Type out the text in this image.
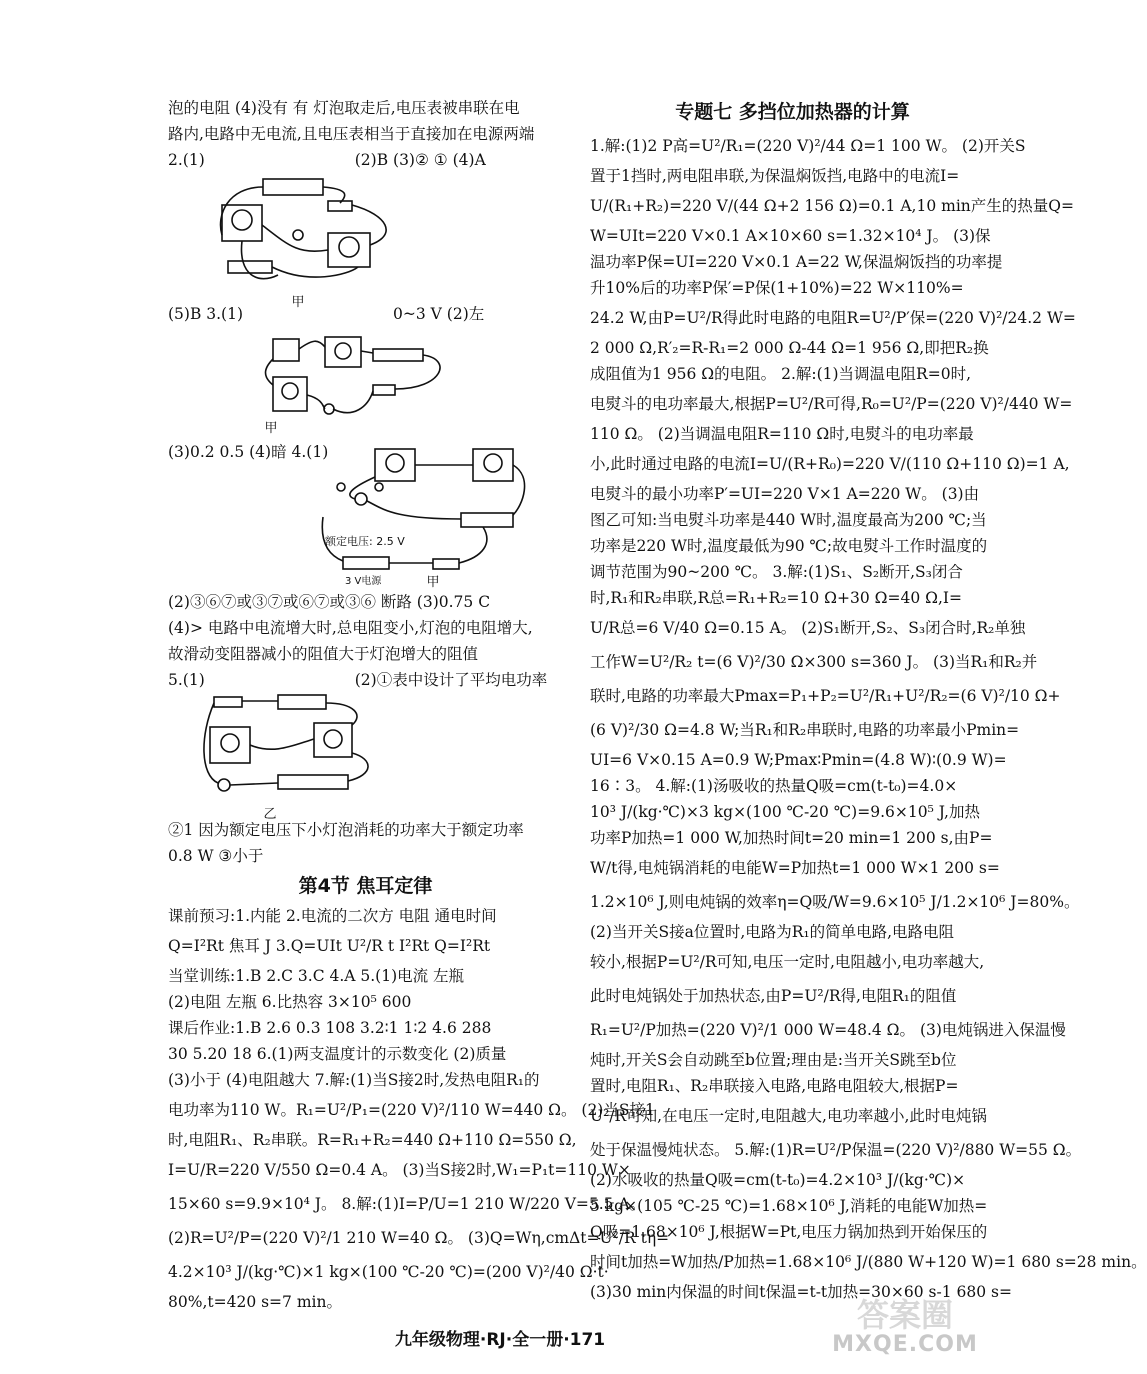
泡的电阻 (4)没有 有 灯泡取走后,电压表被串联在电
路内,电路中无电流,且电压表相当于直接加在电源两端
2.(1)	(2)B (3)② ① (4)A
甲
(5)B 3.(1)	0~3 V (2)左
甲
(3)0.2 0.5 (4)暗 4.(1)
额定电压: 2.5 V
3 V电源	甲
(2)③⑥⑦或③⑦或⑥⑦或③⑥ 断路 (3)0.75 C
(4)> 电路中电流增大时,总电阻变小,灯泡的电阻增大,
故滑动变阻器减小的阻值大于灯泡增大的阻值
5.(1)	(2)①表中设计了平均电功率
乙
②1 因为额定电压下小灯泡消耗的功率大于额定功率
0.8 W ③小于
第4节 焦耳定律
课前预习:1.内能 2.电流的二次方 电阻 通电时间
Q=I²Rt 焦耳 J 3.Q=UIt U²/R t I²Rt Q=I²Rt
当堂训练:1.B 2.C 3.C 4.A 5.(1)电流 左瓶
(2)电阻 左瓶 6.比热容 3×10⁵ 600
课后作业:1.B 2.6 0.3 108 3.2∶1 1∶2 4.6 288
30 5.20 18 6.(1)两支温度计的示数变化 (2)质量
(3)小于 (4)电阻越大 7.解:(1)当S接2时,发热电阻R₁的
电功率为110 W。R₁=U²/P₁=(220 V)²/110 W=440 Ω。 (2)当S接1
时,电阻R₁、R₂串联。R=R₁+R₂=440 Ω+110 Ω=550 Ω,
I=U/R=220 V/550 Ω=0.4 A。 (3)当S接2时,W₁=P₁t=110 W×
15×60 s=9.9×10⁴ J。 8.解:(1)I=P/U=1 210 W/220 V=5.5 A。
(2)R=U²/P=(220 V)²/1 210 W=40 Ω。 (3)Q=Wη,cmΔt=U²/R tη=
4.2×10³ J/(kg·℃)×1 kg×(100 ℃-20 ℃)=(200 V)²/40 Ω·t·
80%,t=420 s=7 min。
专题七 多挡位加热器的计算
1.解:(1)2 P高=U²/R₁=(220 V)²/44 Ω=1 100 W。 (2)开关S
置于1挡时,两电阻串联,为保温焖饭挡,电路中的电流I=
U/(R₁+R₂)=220 V/(44 Ω+2 156 Ω)=0.1 A,10 min产生的热量Q=
W=UIt=220 V×0.1 A×10×60 s=1.32×10⁴ J。 (3)保
温功率P保=UI=220 V×0.1 A=22 W,保温焖饭挡的功率提
升10%后的功率P保′=P保(1+10%)=22 W×110%=
24.2 W,由P=U²/R得此时电路的电阻R=U²/P′保=(220 V)²/24.2 W=
2 000 Ω,R′₂=R-R₁=2 000 Ω-44 Ω=1 956 Ω,即把R₂换
成阻值为1 956 Ω的电阻。 2.解:(1)当调温电阻R=0时,
电熨斗的电功率最大,根据P=U²/R可得,R₀=U²/P=(220 V)²/440 W=
110 Ω。 (2)当调温电阻R=110 Ω时,电熨斗的电功率最
小,此时通过电路的电流I=U/(R+R₀)=220 V/(110 Ω+110 Ω)=1 A,
电熨斗的最小功率P′=UI=220 V×1 A=220 W。 (3)由
图乙可知:当电熨斗功率是440 W时,温度最高为200 ℃;当
功率是220 W时,温度最低为90 ℃;故电熨斗工作时温度的
调节范围为90~200 ℃。 3.解:(1)S₁、S₂断开,S₃闭合
时,R₁和R₂串联,R总=R₁+R₂=10 Ω+30 Ω=40 Ω,I=
U/R总=6 V/40 Ω=0.15 A。 (2)S₁断开,S₂、S₃闭合时,R₂单独
工作W=U²/R₂ t=(6 V)²/30 Ω×300 s=360 J。 (3)当R₁和R₂并
联时,电路的功率最大Pmax=P₁+P₂=U²/R₁+U²/R₂=(6 V)²/10 Ω+
(6 V)²/30 Ω=4.8 W;当R₁和R₂串联时,电路的功率最小Pmin=
UI=6 V×0.15 A=0.9 W;Pmax∶Pmin=(4.8 W)∶(0.9 W)=
16∶3。 4.解:(1)汤吸收的热量Q吸=cm(t-t₀)=4.0×
10³ J/(kg·℃)×3 kg×(100 ℃-20 ℃)=9.6×10⁵ J,加热
功率P加热=1 000 W,加热时间t=20 min=1 200 s,由P=
W/t得,电炖锅消耗的电能W=P加热t=1 000 W×1 200 s=
1.2×10⁶ J,则电炖锅的效率η=Q吸/W=9.6×10⁵ J/1.2×10⁶ J=80%。
(2)当开关S接a位置时,电路为R₁的简单电路,电路电阻
较小,根据P=U²/R可知,电压一定时,电阻越小,电功率越大,
此时电炖锅处于加热状态,由P=U²/R得,电阻R₁的阻值
R₁=U²/P加热=(220 V)²/1 000 W=48.4 Ω。 (3)电炖锅进入保温慢
炖时,开关S会自动跳至b位置;理由是:当开关S跳至b位
置时,电阻R₁、R₂串联接入电路,电路电阻较大,根据P=
U²/R可知,在电压一定时,电阻越大,电功率越小,此时电炖锅
处于保温慢炖状态。 5.解:(1)R=U²/P保温=(220 V)²/880 W=55 Ω。
(2)水吸收的热量Q吸=cm(t-t₀)=4.2×10³ J/(kg·℃)×
5 kg×(105 ℃-25 ℃)=1.68×10⁶ J,消耗的电能W加热=
Q吸=1.68×10⁶ J,根据W=Pt,电压力锅加热到开始保压的
时间t加热=W加热/P加热=1.68×10⁶ J/(880 W+120 W)=1 680 s=28 min。
(3)30 min内保温的时间t保温=t-t加热=30×60 s-1 680 s=
九年级物理·RJ·全一册·171
答案圈
MXQE.COM
